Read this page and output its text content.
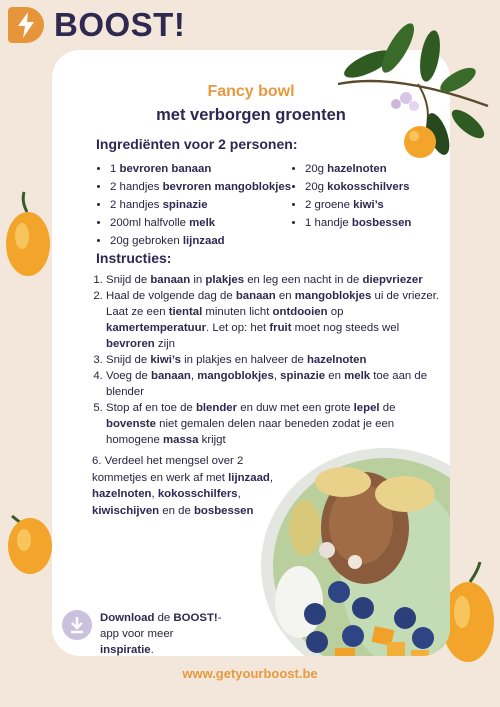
BOOST!
Fancy bowl
met verborgen groenten
Ingrediënten voor 2 personen:
• 1 bevroren banaan
• 2 handjes bevroren mangoblokjes
• 2 handjes spinazie
• 200ml halfvolle melk
• 20g gebroken lijnzaad
• 20g hazelnoten
• 20g kokosschilvers
• 2 groene kiwi’s
• 1 handje bosbessen
Instructies:
1. Snijd de banaan in plakjes en leg een nacht in de diepvriezer
2. Haal de volgende dag de banaan en mangoblokjes ui de vriezer. Laat ze een tiental minuten licht ontdooien op kamertemperatuur. Let op: het fruit moet nog steeds wel bevroren zijn
3. Snijd de kiwi’s in plakjes en halveer de hazelnoten
4. Voeg de banaan, mangoblokjes, spinazie en melk toe aan de blender
5. Stop af en toe de blender en duw met een grote lepel de bovenste niet gemalen delen naar beneden zodat je een homogene massa krijgt
6. Verdeel het mengsel over 2 kommetjes en werk af met lijnzaad, hazelnoten, kokosschilfers, kiwischijven en de bosbessen
Download de BOOST!-app voor meer inspiratie.
www.getyourboost.be
